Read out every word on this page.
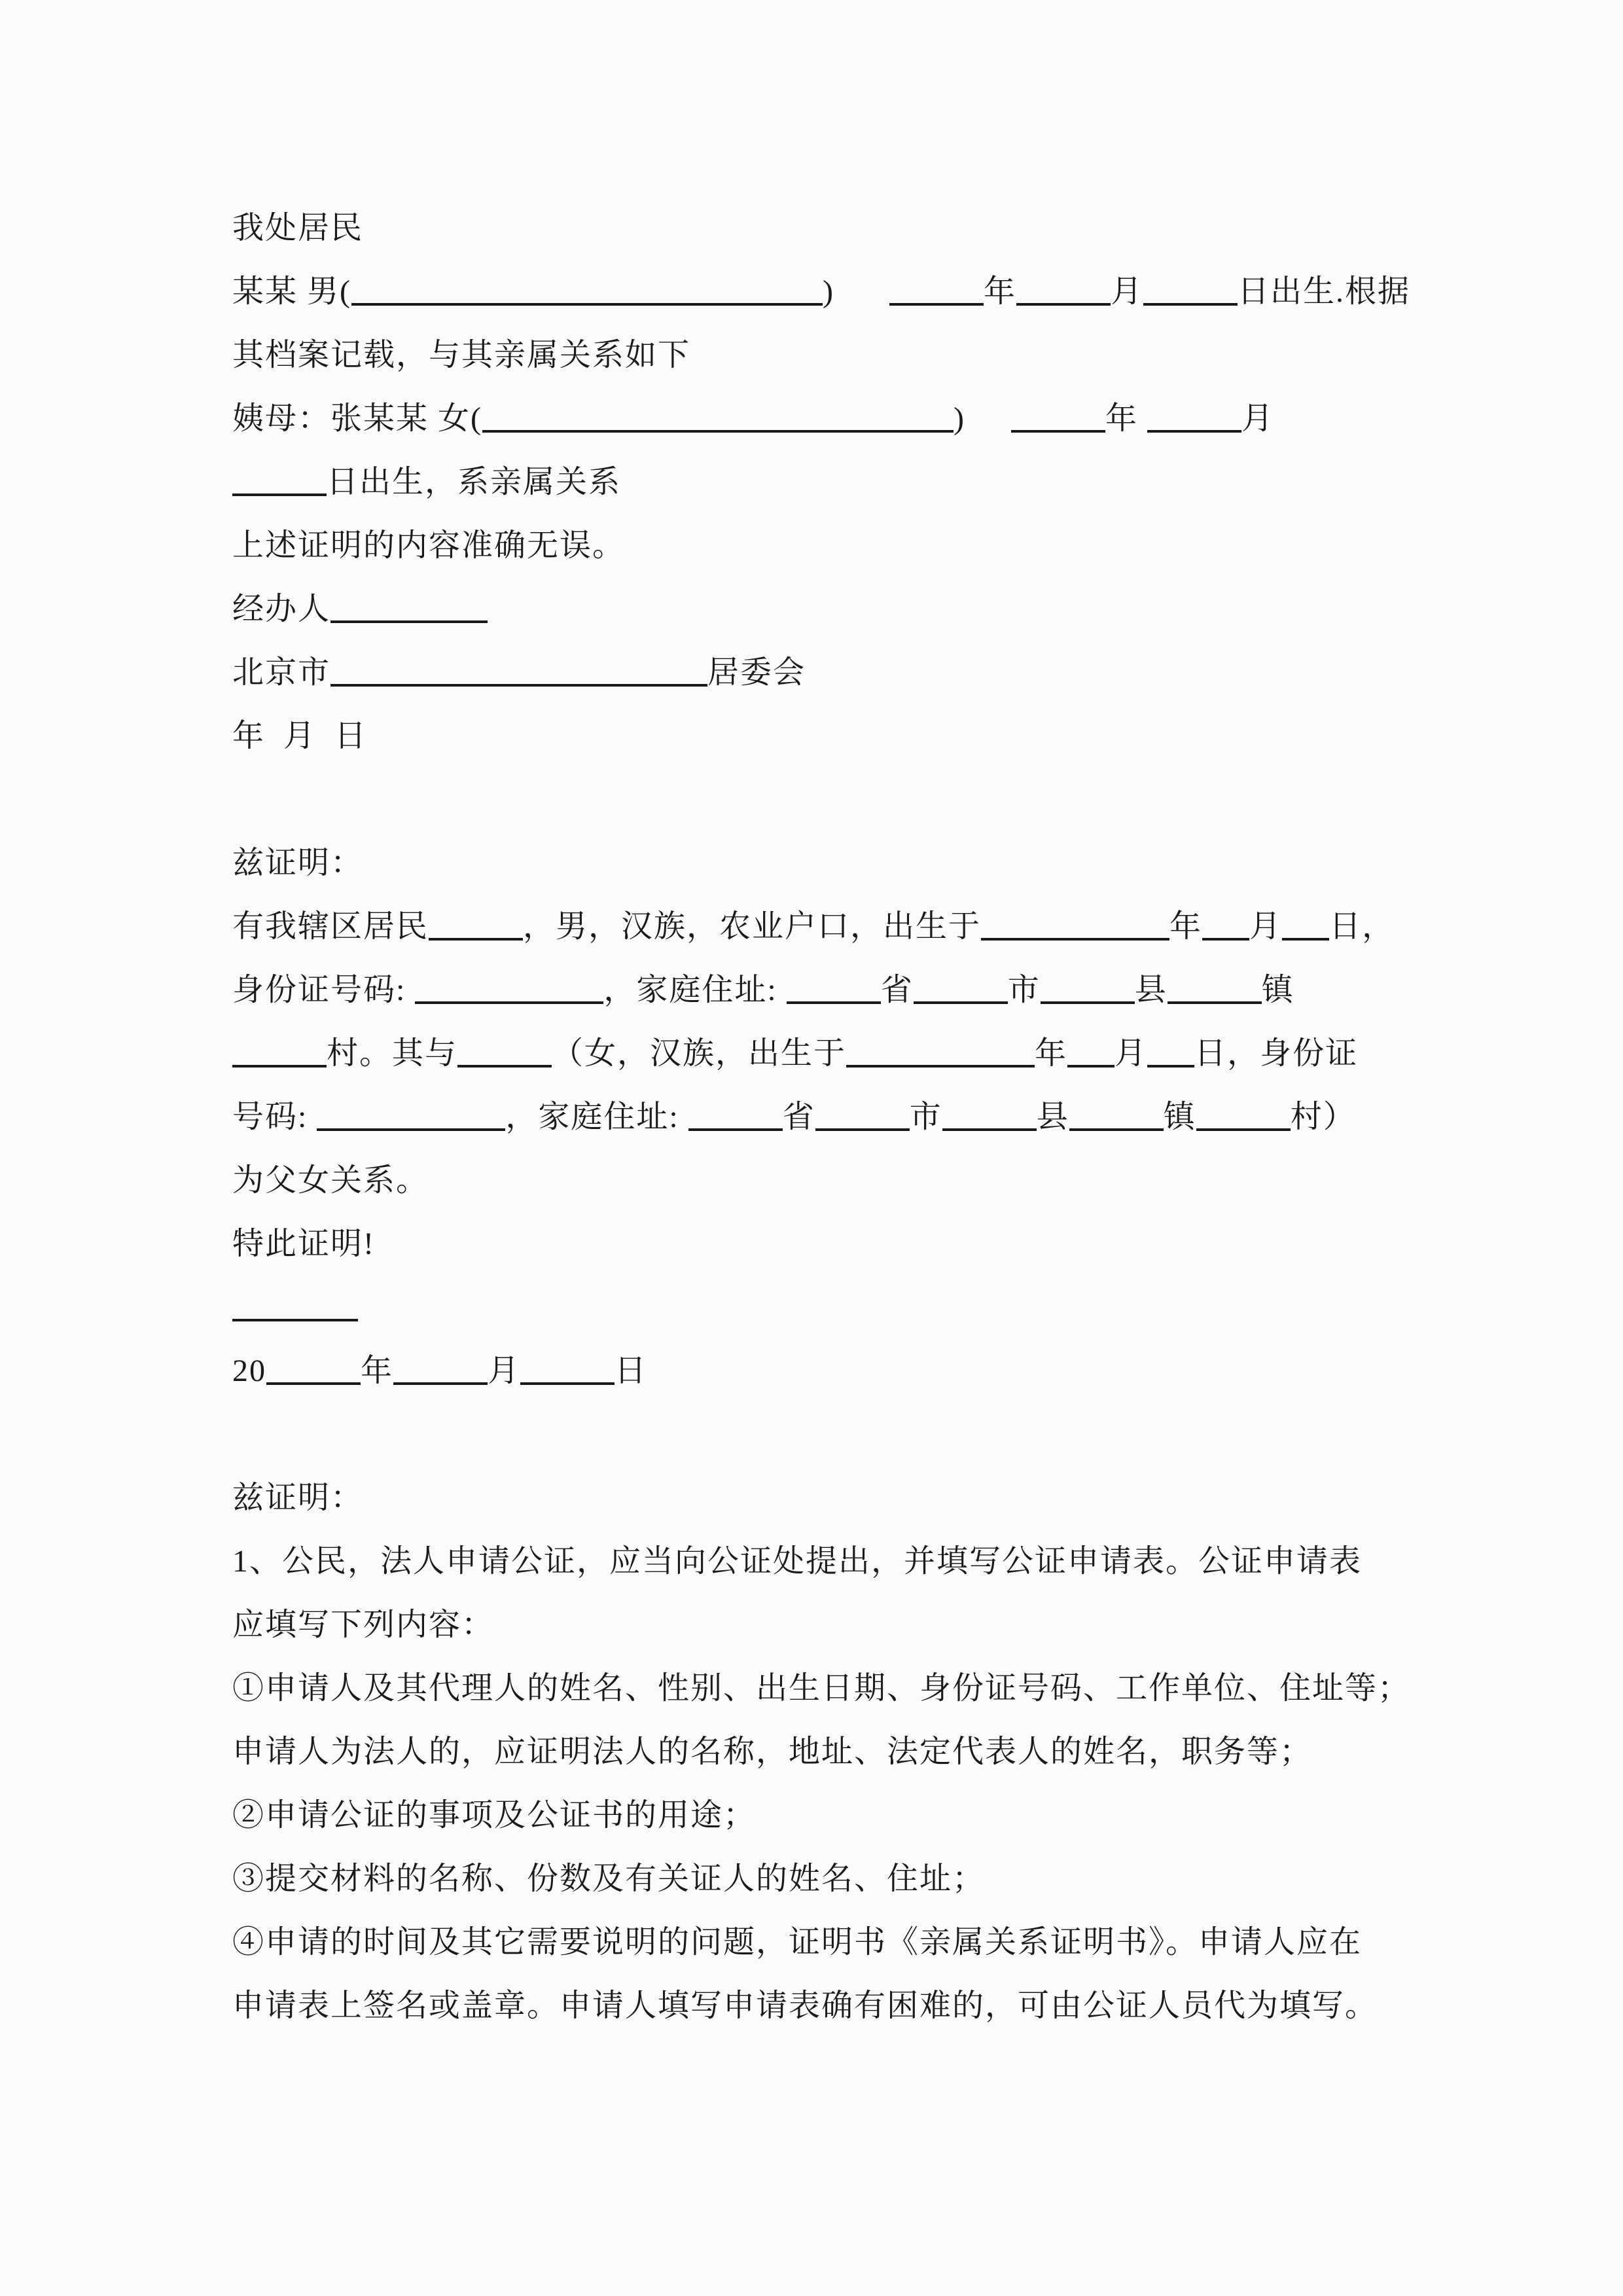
我处居民
某某 男(	)	年	月	日出生.根据
其档案记载，与其亲属关系如下
姨母：张某某 女(	)	年	月
日出生，系亲属关系
上述证明的内容准确无误。
经办人
北京市	居委会
年  月  日
兹证明：
有我辖区居民	，男，汉族，农业户口，出生于	年 月 日，
身份证号码:	，家庭住址:	省	市	县	镇
村。其与	（女，汉族，出生于	年 月 日，身份证
号码:	，家庭住址:	省	市	县	镇	村）
为父女关系。
特此证明!
20	年	月	日
兹证明：
1、公民，法人申请公证，应当向公证处提出，并填写公证申请表。公证申请表
应填写下列内容：
①申请人及其代理人的姓名、性别、出生日期、身份证号码、工作单位、住址等；
申请人为法人的，应证明法人的名称，地址、法定代表人的姓名，职务等；
②申请公证的事项及公证书的用途；
③提交材料的名称、份数及有关证人的姓名、住址；
④申请的时间及其它需要说明的问题，证明书《亲属关系证明书》。申请人应在
申请表上签名或盖章。申请人填写申请表确有困难的，可由公证人员代为填写。
